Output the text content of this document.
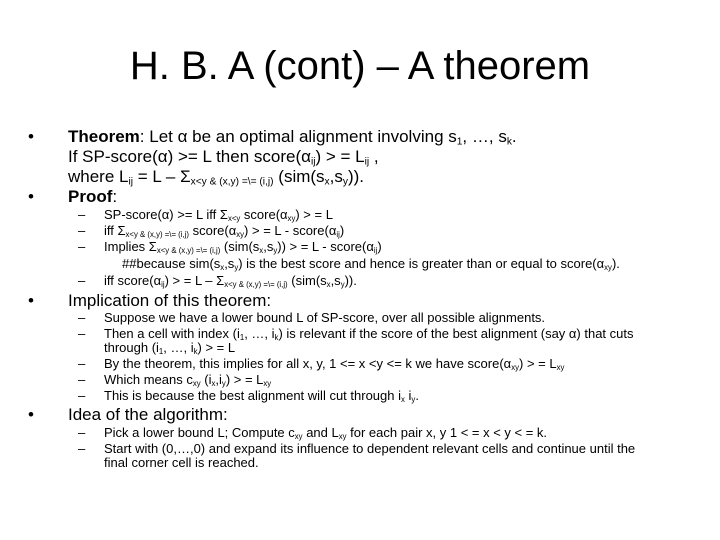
H. B. A (cont) – A theorem
• Theorem: Let α be an optimal alignment involving $s_1$, …, $s_k$.
If SP-score(α) >= L then $score(\alpha_{ij})$ > = $L_{ij}$ ,
where $L_{ij} = L - \Sigma_{x<y \& (x,y) =\backslash= (i,j)}$ $(sim(s_x,s_y))$.
• Proof:
– SP-score(α) >= L iff $\Sigma_{x<y}$ $score(\alpha_{xy})$ > = L
– iff $\Sigma_{x<y \& (x,y) =\backslash= (i,j)}$ $score(\alpha_{xy})$ > = L - $score(\alpha_{ij})$
– Implies $\Sigma_{x<y \& (x,y) =\backslash= (i,j)}$ $(sim(s_x,s_y))$ > = L - $score(\alpha_{ij})$
##because $sim(s_x,s_y)$ is the best score and hence is greater than or equal to $score(\alpha_{xy})$.
– iff $score(\alpha_{ij})$ > = L – $\Sigma_{x<y \& (x,y) =\backslash= (i,j)}$ $(sim(s_x,s_y))$.
• Implication of this theorem:
– Suppose we have a lower bound L of SP-score, over all possible alignments.
– Then a cell with index ($i_1$, …, $i_k$) is relevant if the score of the best alignment (say α) that cuts
through ($i_1$, …, $i_k$) > = L
– By the theorem, this implies for all x, y, 1 <= x <y <= k we have $score(\alpha_{xy})$ > = $L_{xy}$
– Which means $c_{xy}$ $(i_x,i_y)$ > = $L_{xy}$
– This is because the best alignment will cut through $i_x$ $i_y$.
• Idea of the algorithm:
– Pick a lower bound L; Compute $c_{xy}$ and $L_{xy}$ for each pair x, y 1 < = x < y < = k.
– Start with (0,…,0) and expand its influence to dependent relevant cells and continue until the
final corner cell is reached.
